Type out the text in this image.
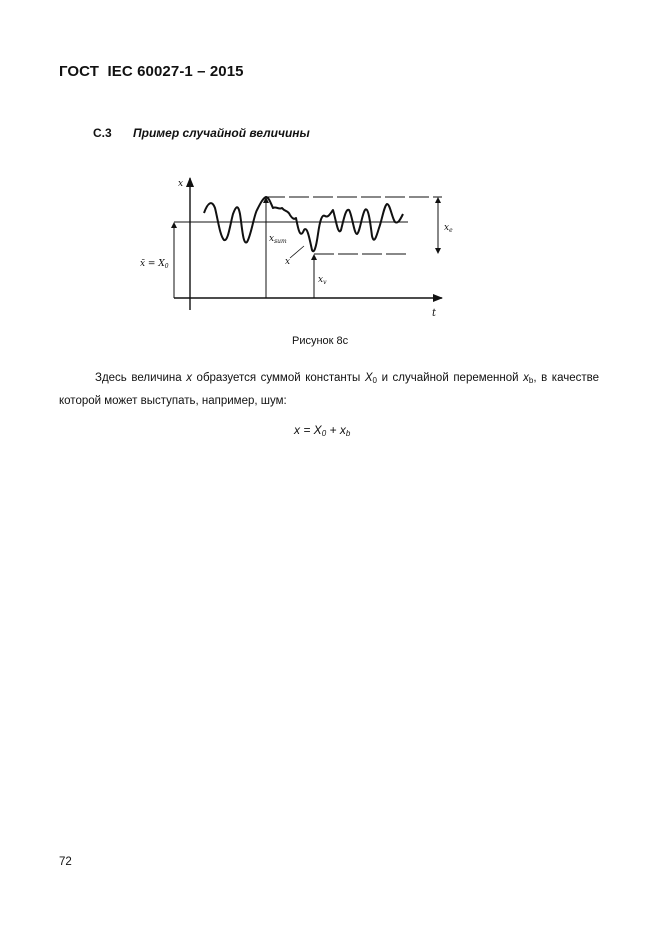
ГОСТ  IEC 60027-1 – 2015
С.3 Пример случайной величины
x
t
x̄ = $X_0$
$x_e$
$x_{sum}$
x
$x_v$
Рисунок 8с
Здесь величина x образуется суммой константы $X_0$ и случайной переменной $x_b$, в качестве которой может выступать, например, шум:
$x = X_0 + x_b$
72
